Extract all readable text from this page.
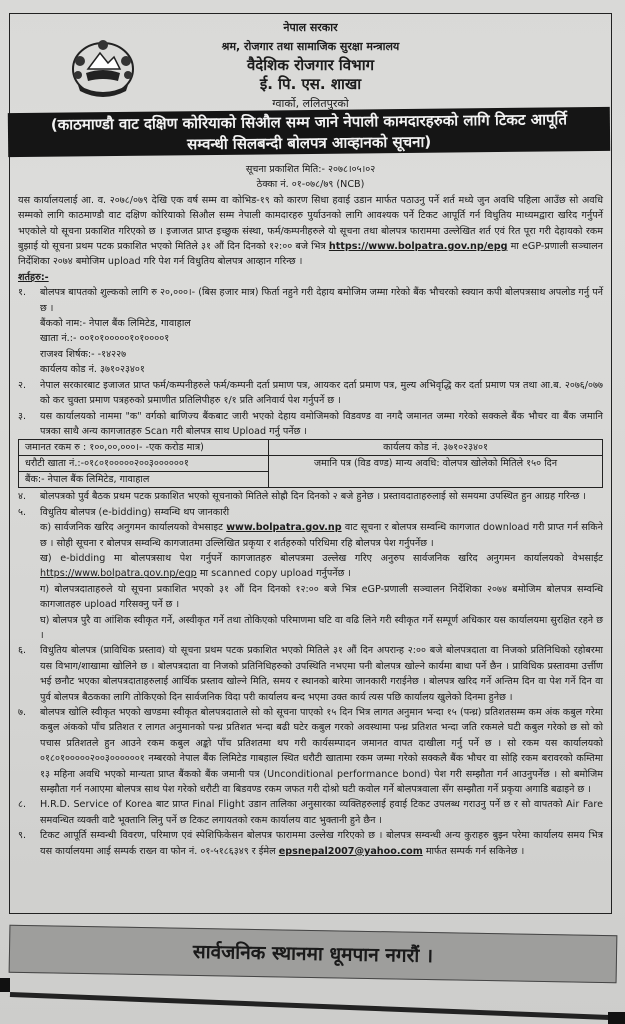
नेपाल सरकार
श्रम, रोजगार तथा सामाजिक सुरक्षा मन्त्रालय
वैदेशिक रोजगार विभाग
ई. पि. एस. शाखा
ग्वार्को, ललितपुरको
(काठमाण्डौ वाट दक्षिण कोरियाको सिऔल सम्म जाने नेपाली कामदारहरुको लागि टिकट आपूर्ति
सम्वन्धी सिलबन्दी बोलपत्र आव्हानको सूचना)
सूचना प्रकाशित मिति:- २०७८।०५।०२
ठेक्का नं. ०१-०७८/७९ (NCB)
यस कार्यालयलाई आ. व. २०७८/०७९ देखि एक वर्ष सम्म वा कोभिड-१९ को कारण सिधा हवाई उडान मार्फत पठाउनु पर्ने शर्त मध्ये जुन अवधि पहिला आउँछ सो अवधि सम्मको लागि काठमाण्डौ वाट दक्षिण कोरियाको सिऔल सम्म नेपाली कामदारहरु पुर्याउनको लागि आवश्यक पर्ने टिकट आपूर्ति गर्न विधुतिय माध्यमद्वारा खरिद गर्नुपर्ने भएकोले यो सूचना प्रकाशित गरिएको छ । इजाजत प्राप्त इच्छुक संस्था, फर्म/कम्पनीहरुले यो सूचना तथा बोलपत्र फाराममा उल्लेखित शर्त एवं रित पूरा गरी देहायको रकम बुझाई यो सूचना प्रथम पटक प्रकाशित भएको मितिले ३१ औं दिन दिनको १२:०० बजे भित्र https://www.bolpatra.gov.np/epg मा eGP-प्रणाली सञ्चालन निर्देशिका २०७४ बमोजिम upload गरि पेश गर्न विधुतिय बोलपत्र आव्हान गरिन्छ ।
शर्तहरु:-
१.	बोलपत्र बापतको शुल्कको लागि रु २०,०००।- (बिस हजार मात्र) फिर्ता नहुने गरी देहाय बमोजिम जम्मा गरेको बैंक भौचरको स्क्यान कपी बोलपत्रसाथ अपलोड गर्नु पर्ने छ ।
बैंकको नाम:- नेपाल बैंक लिमिटेड, गावाहाल
खाता नं.:- ००१०१०००००१०१००००१
राजश्व शिर्षक:- -१४२२७
कार्यलय कोड नं. ३७१०२३४०१
२.	नेपाल सरकारबाट इजाजत प्राप्त फर्म/कम्पनीहरुले फर्म/कम्पनी दर्ता प्रमाण पत्र, आयकर दर्ता प्रमाण पत्र, मुल्य अभिवृद्धि कर दर्ता प्रमाण पत्र तथा आ.ब. २०७६/०७७ को कर चुक्ता प्रमाण पत्रहरुको प्रमाणीत प्रतिलिपीहरु १/१ प्रति अनिवार्य पेश गर्नुपर्ने छ ।
३.	यस कार्यालयको नाममा "क" वर्गको बाणिज्य बैंकबाट जारी भएको देहाय वमोजिमको विडवण्ड वा नगदै जमानत जम्मा गरेको सक्कले बैंक भौचर वा बैंक जमानि पत्रका साथै अन्य कागजातहरु Scan गरी बोलपत्र साथ Upload गर्नु पर्नेछ ।
जमानत रकम रु : १००,००,०००।- -एक करोड मात्र)	कार्यलय कोड नं. ३७१०२३४०१
धरौटी खाता नं.:-०१८०१०००००२००३००००००१	जमानि पत्र (विड वण्ड) मान्य अवधि: वोलपत्र खोलेको मितिले १५० दिन
बैंक:- नेपाल बैंक लिमिटेड, गावाहाल	
४.	बोलपत्रको पुर्व बैठक प्रथम पटक प्रकाशित भएको सूचनाको मितिले सोह्रौ दिन दिनको २ बजे हुनेछ । प्रस्तावदाताहरुलाई सो समयमा उपस्थित हुन आग्रह गरिन्छ ।
५.	विधुतिय बोलपत्र (e-bidding) सम्वन्धि थप जानकारी
क) सार्वजनिक खरिद अनुगमन कार्यालयको वेभसाइट www.bolpatra.gov.np वाट सूचना र बोलपत्र सम्वन्धि कागजात download गरी प्राप्त गर्न सकिने छ । सोही सूचना र बोलपत्र सम्वन्धि कागजातमा उल्लिखित प्रकृया र शर्तहरुको परिधिमा रहि बोलपत्र पेश गर्नुपर्नेछ ।
ख) e-bidding मा बोलपत्रसाथ पेश गर्नुपर्ने कागजातहरु बोलपत्रमा उल्लेख गरिए अनुरुप सार्वजनिक खरिद अनुगमन कार्यालयको वेभसाईट https://www.bolpatra.gov.np/egp मा scanned copy upload गर्नुपर्नेछ ।
ग) बोलपत्रदाताहरुले यो सूचना प्रकाशित भएको ३१ औं दिन दिनको १२:०० बजे भित्र eGP-प्रणाली सञ्चालन निर्देशिका २०७४ बमोजिम बोलपत्र सम्वन्धि कागजातहरु upload गरिसक्नु पर्ने छ ।
घ) बोलपत्र पुरै वा आंशिक स्वीकृत गर्ने, अस्वीकृत गर्ने तथा तोकिएको परिमाणमा घटि वा वढि लिने गरी स्वीकृत गर्ने सम्पूर्ण अधिकार यस कार्यालयमा सुरक्षित रहने छ ।
६.	विधुतिय बोलपत्र (प्राविधिक प्रस्ताव) यो सूचना प्रथम पटक प्रकाशित भएको मितिले ३१ औं दिन अपरान्ह २:०० बजे बोलपत्रदाता वा निजको प्रतिनिधिको रहोबरमा यस विभाग/शाखामा खोलिने छ । बोलपत्रदाता वा निजको प्रतिनिधिहरुको उपस्थिति नभएमा पनी बोलपत्र खोल्ने कार्यमा बाधा पर्ने छैन । प्राविधिक प्रस्तावमा उर्त्तीण भई छनौट भएका बोलपत्रदाताहरुलाई आर्थिक प्रस्ताव खोल्ने मिति, समय र स्थानको बारेमा जानकारी गराईनेछ । बोलपत्र खरिद गर्ने अन्तिम दिन वा पेश गर्ने दिन वा पुर्व बोलपत्र बैठकका लागि तोकिएको दिन सार्वजनिक विदा परी कार्यालय बन्द भएमा उक्त कार्य त्यस पछि कार्यालय खुलेको दिनमा हुनेछ ।
७.	बोलपत्र खोलि स्वीकृत भएको खण्डमा स्वीकृत बोलपत्रदाताले सो को सूचना पाएको १५ दिन भित्र लागत अनुमान भन्दा १५ (पन्ध्र) प्रतिशतसम्म कम अंक कबुल गरेमा कबुल अंकको पाँच प्रतिशत र लागत अनुमानको पन्ध्र प्रतिशत भन्दा बढी घटेर कबुल गरको अवस्थामा पन्ध्र प्रतिशत भन्दा जति रकमले घटी कबुल गरेको छ सो को पचास प्रतिशतले हुन आउने रकम कबुल अङ्को पाँच प्रतिशतमा थप गरी कार्यसम्पादन जमानत वापत दाखीला गर्नु पर्ने छ । सो रकम यस कार्यालयको ०१८०१०००००२००३००००००१ नम्बरको नेपाल बैंक लिमिटेड गाबहाल स्थित धरौटी खातामा रकम जम्मा गरेको सक्कलै बैंक भौचर वा सोहि रकम बरावरको कम्तिमा १३ महिना अवधि भएको मान्यता प्राप्त बैंकको बैंक जमानी पत्र (Unconditional performance bond) पेश गरी सम्झौता गर्न आउनुपर्नेछ । सो बमोजिम सम्झौता गर्न नआएमा बोलपत्र साथ पेश गरेको धरौटी वा बिडवण्ड रकम जफत गरी दोश्रो घटी कवोल गर्ने बोलपत्रवाला सँग सम्झौता गर्ने प्रकृया अगाडि बढाइने छ ।
८.	H.R.D. Service of Korea बाट प्राप्त Final Flight उडान तालिका अनुसारका व्यक्तिहरुलाई हवाई टिकट उपलब्ध गराउनु पर्ने छ र सो वापतको Air Fare समवन्धित व्यक्ती वाटै भूक्तानि लिनु पर्ने छ टिकट लगायतको रकम कार्यालय वाट भुक्तानी हुने छैन ।
९.	टिकट आपूर्ति सम्वन्धी विवरण, परिमाण एवं स्पेशिफिकेसन बोलपत्र फाराममा उल्लेख गरिएको छ । बोलपत्र सम्वन्धी अन्य कुराहरु बुझ्न परेमा कार्यालय समय भित्र यस कार्यालयमा आई सम्पर्क राख्न वा फोन नं. ०१-५१८६३४९ र ईमेल epsnepal2007@yahoo.com मार्फत सम्पर्क गर्न सकिनेछ ।
सार्वजनिक स्थानमा धूमपान नगरौं ।
